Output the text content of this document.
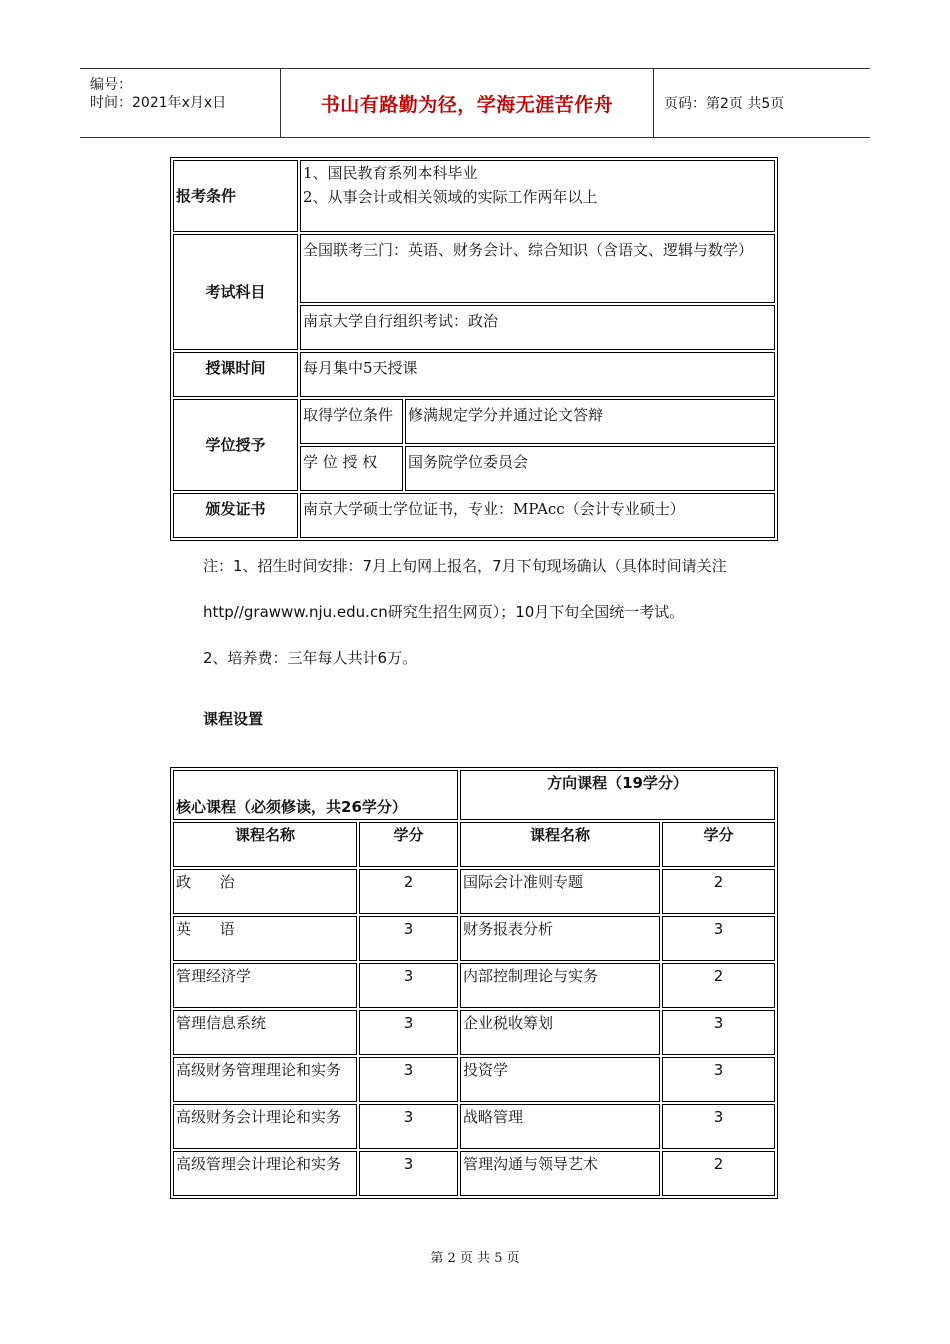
编号：
时间：2021年x月x日	书山有路勤为径，学海无涯苦作舟	页码：第2页 共5页
报考条件	1、国民教育系列本科毕业
2、从事会计或相关领域的实际工作两年以上	

考试科目	全国联考三门：英语、财务会计、综合知识（含语文、逻辑与数学）	
	南京大学自行组织考试：政治	
授课时间	每月集中5天授课	
学位授予	取得学位条件	修满规定学分并通过论文答辩
	学 位 授 权	国务院学位委员会
颁发证书	南京大学硕士学位证书，专业：MPAcc（会计专业硕士）	
注：1、招生时间安排：7月上旬网上报名，7月下旬现场确认（具体时间请关注
http//grawww.nju.edu.cn研究生招生网页）；10月下旬全国统一考试。
2、培养费：三年每人共计6万。
课程设置
核心课程（必须修读，共26学分）		方向课程（19学分）	
课程名称	学分	课程名称	学分
政      治	2	国际会计准则专题	2
英      语	3	财务报表分析	3
管理经济学	3	内部控制理论与实务	2
管理信息系统	3	企业税收筹划	3
高级财务管理理论和实务	3	投资学	3
高级财务会计理论和实务	3	战略管理	3
高级管理会计理论和实务	3	管理沟通与领导艺术	2
第 2 页 共 5 页
